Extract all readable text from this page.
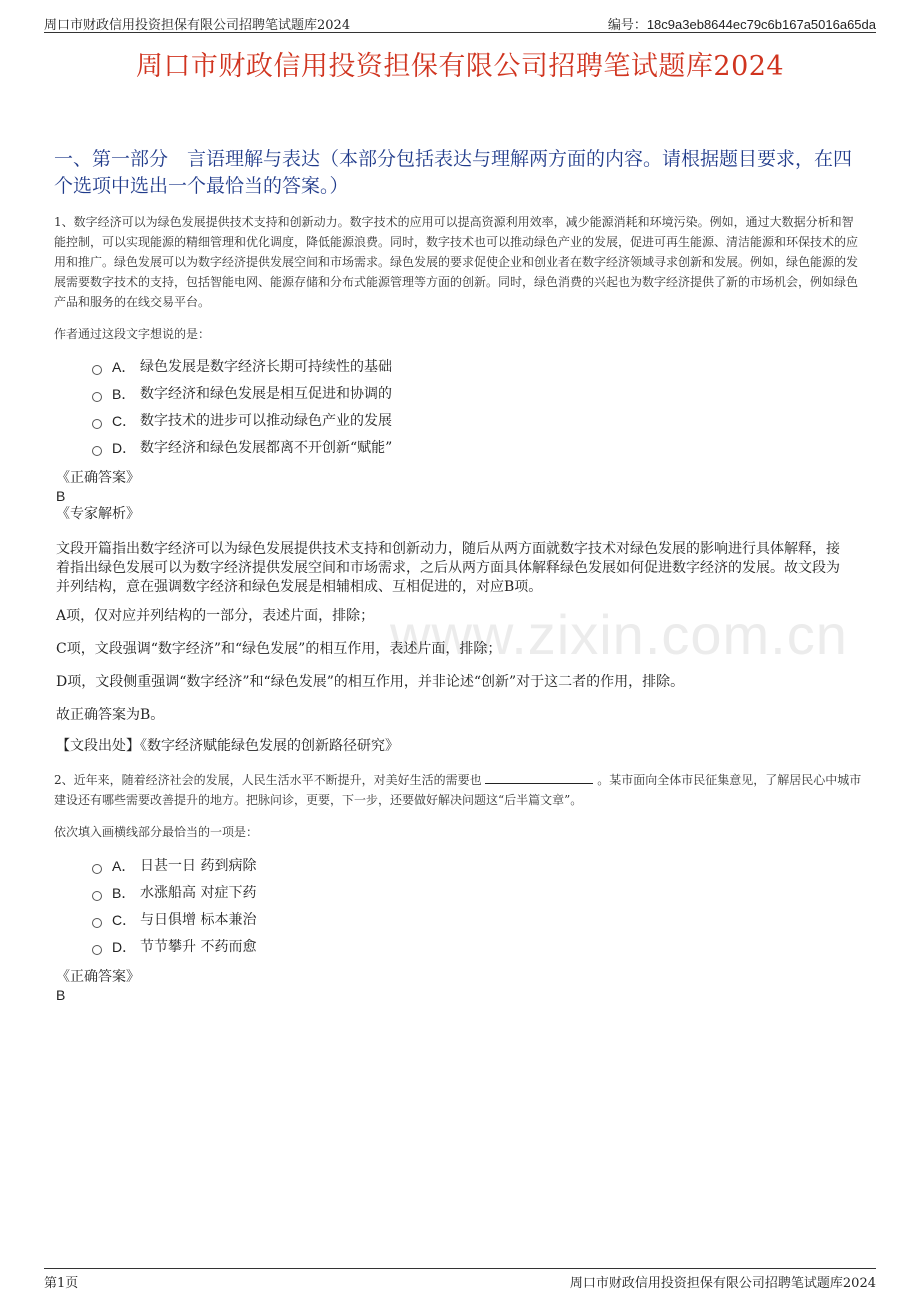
周口市财政信用投资担保有限公司招聘笔试题库2024	编号：18c9a3eb8644ec79c6b167a5016a65da
周口市财政信用投资担保有限公司招聘笔试题库2024
一、第一部分　言语理解与表达（本部分包括表达与理解两方面的内容。请根据题目要求，在四个选项中选出一个最恰当的答案。）
www.zixin.com.cn
1、数字经济可以为绿色发展提供技术支持和创新动力。数字技术的应用可以提高资源利用效率，减少能源消耗和环境污染。例如，通过大数据分析和智能控制，可以实现能源的精细管理和优化调度，降低能源浪费。同时，数字技术也可以推动绿色产业的发展，促进可再生能源、清洁能源和环保技术的应用和推广。绿色发展可以为数字经济提供发展空间和市场需求。绿色发展的要求促使企业和创业者在数字经济领域寻求创新和发展。例如，绿色能源的发展需要数字技术的支持，包括智能电网、能源存储和分布式能源管理等方面的创新。同时，绿色消费的兴起也为数字经济提供了新的市场机会，例如绿色产品和服务的在线交易平台。
作者通过这段文字想说的是：
A． 绿色发展是数字经济长期可持续性的基础
B． 数字经济和绿色发展是相互促进和协调的
C． 数字技术的进步可以推动绿色产业的发展
D． 数字经济和绿色发展都离不开创新“赋能”
《正确答案》
B
《专家解析》
文段开篇指出数字经济可以为绿色发展提供技术支持和创新动力，随后从两方面就数字技术对绿色发展的影响进行具体解释，接着指出绿色发展可以为数字经济提供发展空间和市场需求，之后从两方面具体解释绿色发展如何促进数字经济的发展。故文段为并列结构，意在强调数字经济和绿色发展是相辅相成、互相促进的，对应B项。
A项，仅对应并列结构的一部分，表述片面，排除；
C项，文段强调“数字经济”和“绿色发展”的相互作用，表述片面，排除；
D项，文段侧重强调“数字经济”和“绿色发展”的相互作用，并非论述“创新”对于这二者的作用，排除。
故正确答案为B。
【文段出处】《数字经济赋能绿色发展的创新路径研究》
2、近年来，随着经济社会的发展，人民生活水平不断提升，对美好生活的需要也	。某市面向全体市民征集意见，了解居民心中城市建设还有哪些需要改善提升的地方。把脉问诊，更要，下一步，还要做好解决问题这“后半篇文章”。
依次填入画横线部分最恰当的一项是：
A． 日甚一日 药到病除
B． 水涨船高 对症下药
C． 与日俱增 标本兼治
D． 节节攀升 不药而愈
《正确答案》
B
第1页	周口市财政信用投资担保有限公司招聘笔试题库2024
